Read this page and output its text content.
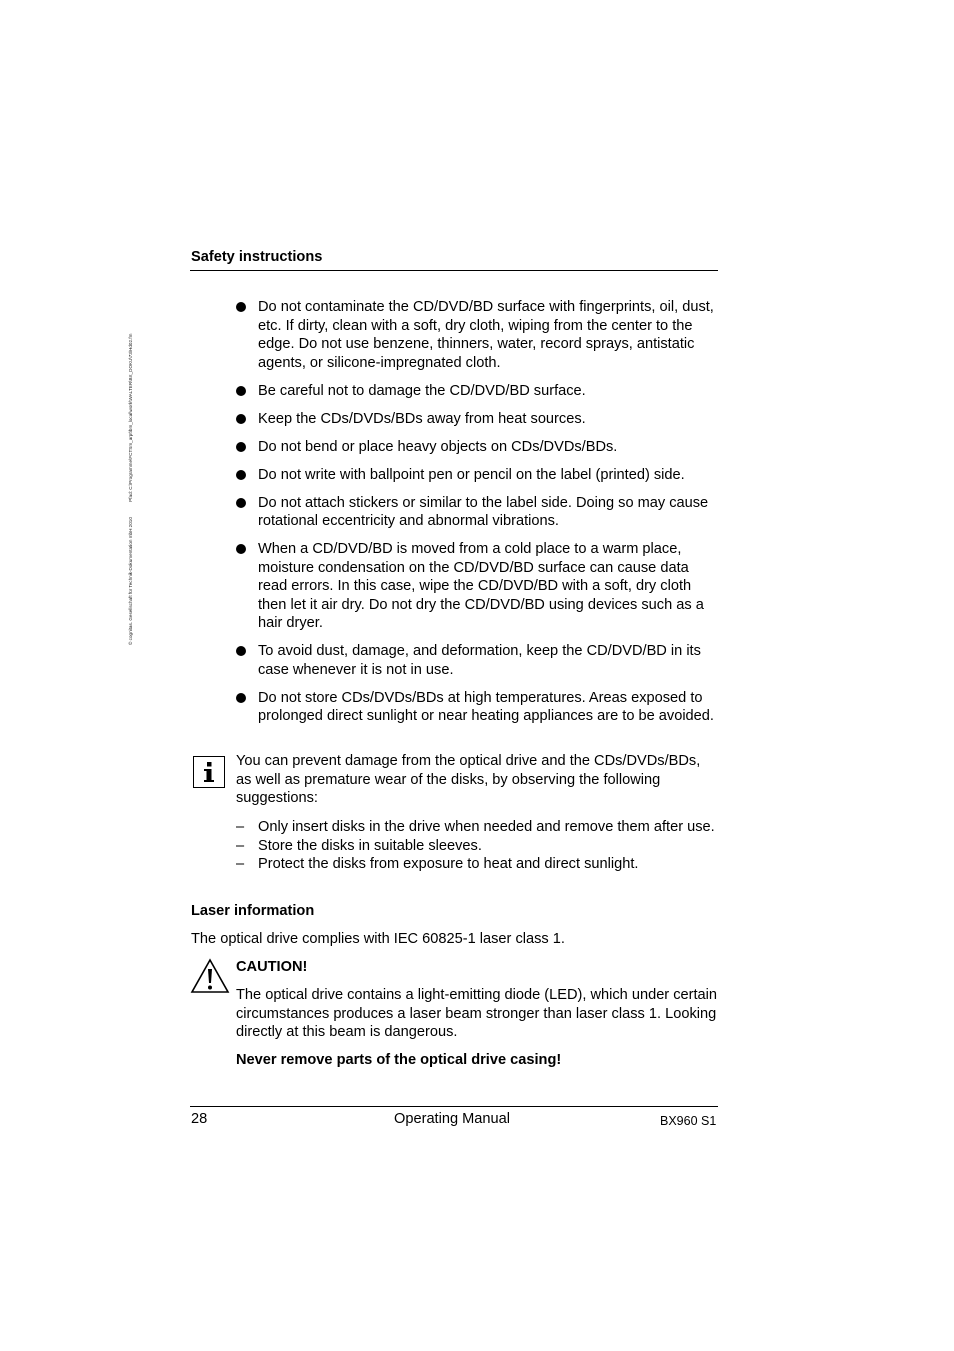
© cognitas. Gesellschaft für Technik-Dokumentation mbH 2010 Pfad: C:\Programme\FCTSm_arpt\bm_local\work\WALTER\BX_DOKU\73\Hd02.fm
Safety instructions
Do not contaminate the CD/DVD/BD surface with fingerprints, oil, dust, etc. If dirty, clean with a soft, dry cloth, wiping from the center to the edge. Do not use benzene, thinners, water, record sprays, antistatic agents, or silicone-impregnated cloth.
Be careful not to damage the CD/DVD/BD surface.
Keep the CDs/DVDs/BDs away from heat sources.
Do not bend or place heavy objects on CDs/DVDs/BDs.
Do not write with ballpoint pen or pencil on the label (printed) side.
Do not attach stickers or similar to the label side. Doing so may cause rotational eccentricity and abnormal vibrations.
When a CD/DVD/BD is moved from a cold place to a warm place, moisture condensation on the CD/DVD/BD surface can cause data read errors. In this case, wipe the CD/DVD/BD with a soft, dry cloth then let it air dry. Do not dry the CD/DVD/BD using devices such as a hair dryer.
To avoid dust, damage, and deformation, keep the CD/DVD/BD in its case whenever it is not in use.
Do not store CDs/DVDs/BDs at high temperatures. Areas exposed to prolonged direct sunlight or near heating appliances are to be avoided.
You can prevent damage from the optical drive and the CDs/DVDs/BDs, as well as premature wear of the disks, by observing the following suggestions:
– Only insert disks in the drive when needed and remove them after use.
– Store the disks in suitable sleeves.
– Protect the disks from exposure to heat and direct sunlight.
Laser information
The optical drive complies with IEC 60825-1 laser class 1.
CAUTION!
The optical drive contains a light-emitting diode (LED), which under certain circumstances produces a laser beam stronger than laser class 1. Looking directly at this beam is dangerous.
Never remove parts of the optical drive casing!
28	Operating Manual	BX960 S1
